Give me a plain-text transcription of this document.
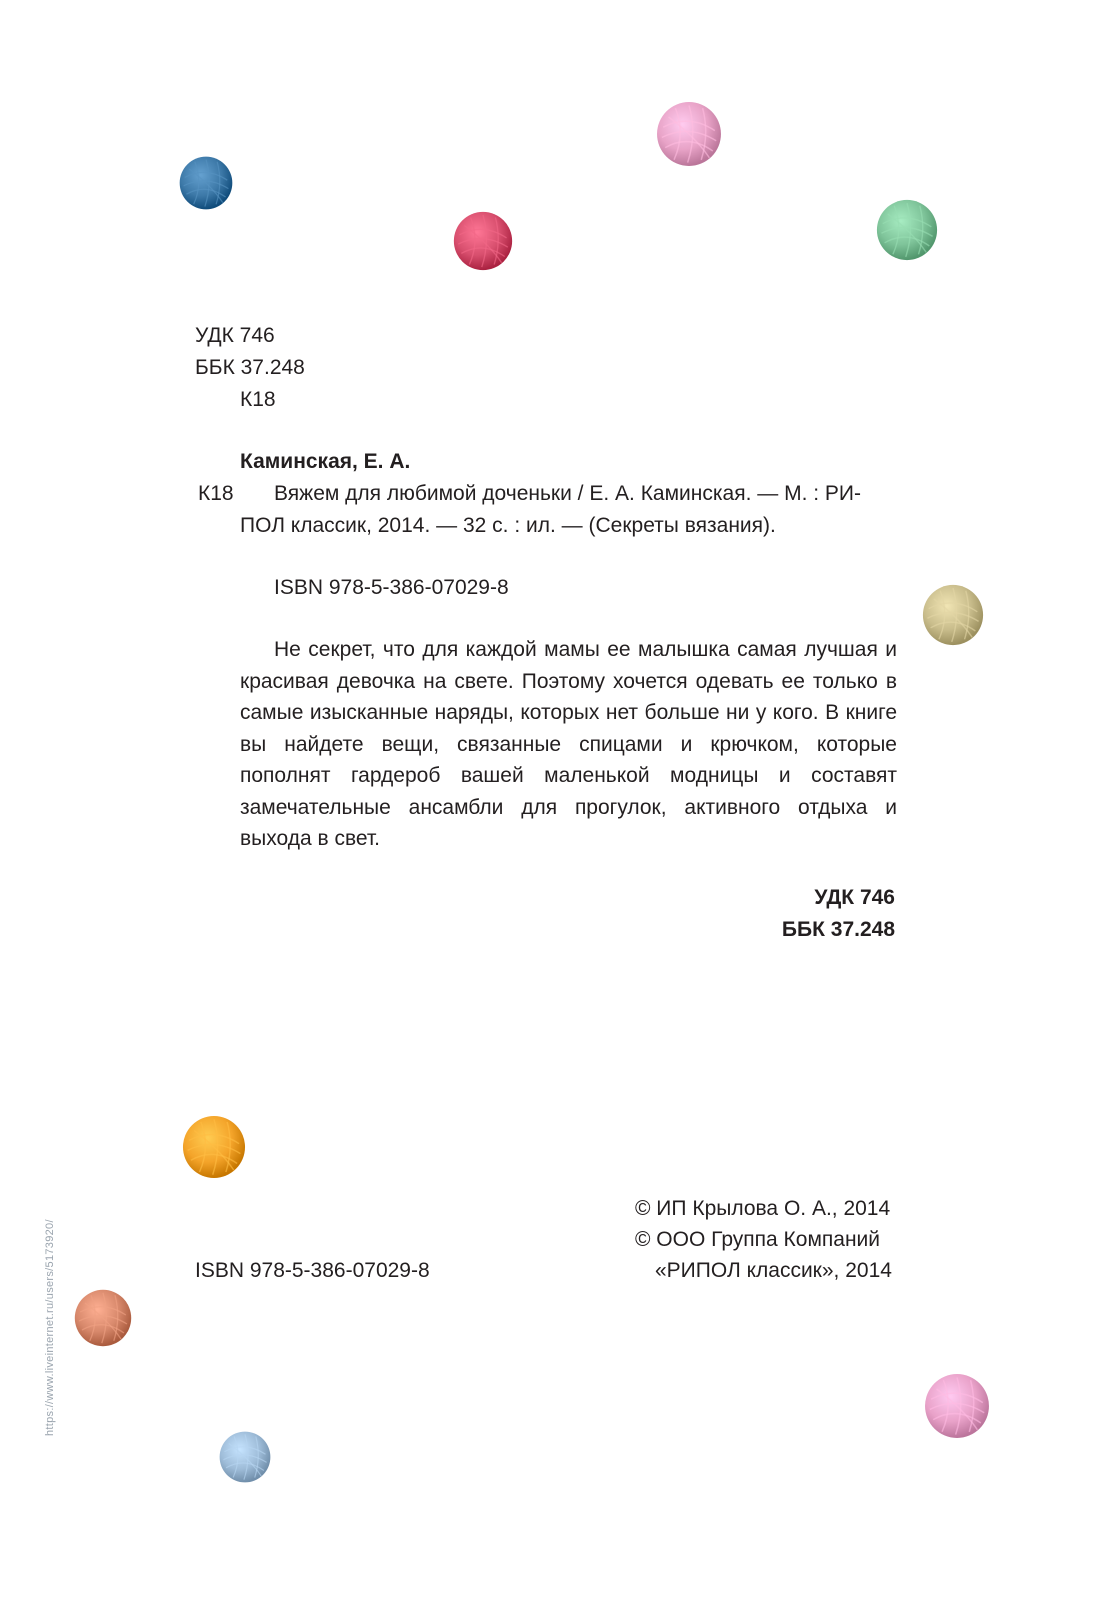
УДК 746
ББК 37.248
К18
Каминская, Е. А.
К18 Вяжем для любимой доченьки / Е. А. Каминская. — М. : РИ-
ПОЛ классик, 2014. — 32 с. : ил. — (Секреты вязания).
ISBN 978-5-386-07029-8
Не секрет, что для каждой мамы ее малышка самая лучшая и красивая девочка на свете. Поэтому хочется одевать ее только в самые изысканные наряды, которых нет больше ни у кого. В книге вы найдете вещи, связанные спицами и крючком, которые пополнят гардероб вашей маленькой модницы и составят замечательные ансамбли для прогулок, активного отдыха и выхода в свет.
УДК 746
ББК 37.248
ISBN 978-5-386-07029-8
© ИП Крылова О. А., 2014
© ООО Группа Компаний
«РИПОЛ классик», 2014
https://www.liveinternet.ru/users/5173920/
